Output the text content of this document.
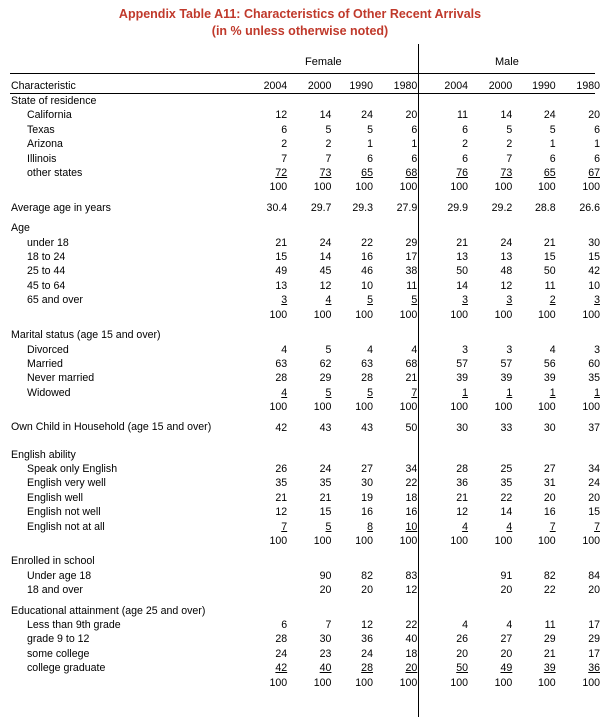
Appendix Table A11: Characteristics of Other Recent Arrivals
(in % unless otherwise noted)
Female	Male
Characteristic	2004	2000	1990	1980	2004	2000	1990	1980
State of residence								
California	12	14	24	20	11	14	24	20
Texas	6	5	5	6	6	5	5	6
Arizona	2	2	1	1	2	2	1	1
Illinois	7	7	6	6	6	7	6	6
other states	72	73	65	68	76	73	65	67
	100	100	100	100	100	100	100	100

Average age in years	30.4	29.7	29.3	27.9	29.9	29.2	28.8	26.6

Age								
under 18	21	24	22	29	21	24	21	30
18 to 24	15	14	16	17	13	13	15	15
25 to 44	49	45	46	38	50	48	50	42
45 to 64	13	12	10	11	14	12	11	10
65 and over	3	4	5	5	3	3	2	3
	100	100	100	100	100	100	100	100

Marital status (age 15 and over)								
Divorced	4	5	4	4	3	3	4	3
Married	63	62	63	68	57	57	56	60
Never married	28	29	28	21	39	39	39	35
Widowed	4	5	5	7	1	1	1	1
	100	100	100	100	100	100	100	100

Own Child in Household (age 15 and over)	42	43	43	50	30	33	30	37
English ability								
Speak only English	26	24	27	34	28	25	27	34
English very well	35	35	30	22	36	35	31	24
English well	21	21	19	18	21	22	20	20
English not well	12	15	16	16	12	14	16	15
English not at all	7	5	8	10	4	4	7	7
	100	100	100	100	100	100	100	100

Enrolled in school								
Under age 18		90	82	83		91	82	84
18 and over		20	20	12		20	22	20

Educational attainment (age 25 and over)								
Less than 9th grade	6	7	12	22	4	4	11	17
grade 9 to 12	28	30	36	40	26	27	29	29
some college	24	23	24	18	20	20	21	17
college graduate	42	40	28	20	50	49	39	36
	100	100	100	100	100	100	100	100
